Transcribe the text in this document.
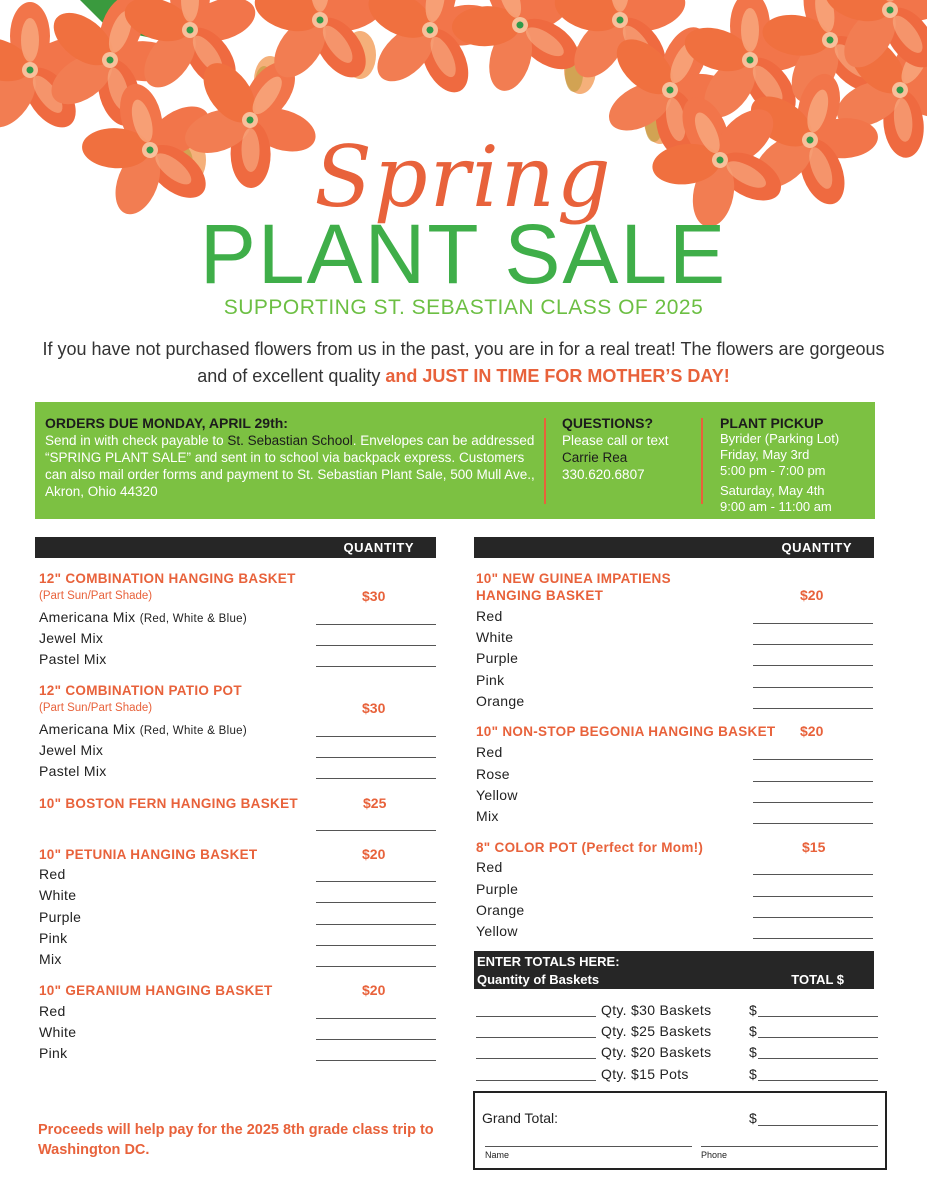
Spring
PLANT SALE
SUPPORTING ST. SEBASTIAN CLASS OF 2025
If you have not purchased flowers from us in the past, you are in for a real treat! The flowers are gorgeous and of excellent quality and JUST IN TIME FOR MOTHER’S DAY!
ORDERS DUE MONDAY, APRIL 29th:
Send in with check payable to St. Sebastian School. Envelopes can be addressed “SPRING PLANT SALE” and sent in to school via backpack express. Customers can also mail order forms and payment to St. Sebastian Plant Sale, 500 Mull Ave., Akron, Ohio 44320
QUESTIONS?
Please call or text
Carrie Rea
330.620.6807
PLANT PICKUP
Byrider (Parking Lot)
Friday, May 3rd
5:00 pm - 7:00 pm
Saturday, May 4th
9:00 am - 11:00 am
QUANTITY	QUANTITY
12" COMBINATION HANGING BASKET
(Part Sun/Part Shade)	$30
Americana Mix (Red, White & Blue)
Jewel Mix
Pastel Mix
12" COMBINATION PATIO POT
(Part Sun/Part Shade)	$30
Americana Mix (Red, White & Blue)
Jewel Mix
Pastel Mix
10" BOSTON FERN HANGING BASKET	$25
10" PETUNIA HANGING BASKET	$20
Red
White
Purple
Pink
Mix
10" GERANIUM HANGING BASKET	$20
Red
White
Pink
10" NEW GUINEA IMPATIENS
HANGING BASKET	$20
Red
White
Purple
Pink
Orange
10" NON-STOP BEGONIA HANGING BASKET $20
Red
Rose
Yellow
Mix
8" COLOR POT (Perfect for Mom!)	$15
Red
Purple
Orange
Yellow
ENTER TOTALS HERE:
Quantity of Baskets	TOTAL $
Qty. $30 Baskets	$
Qty. $25 Baskets	$
Qty. $20 Baskets	$
Qty. $15 Pots	$
Grand Total:	$
Name	Phone
Proceeds will help pay for the 2025 8th grade class trip to Washington DC.
